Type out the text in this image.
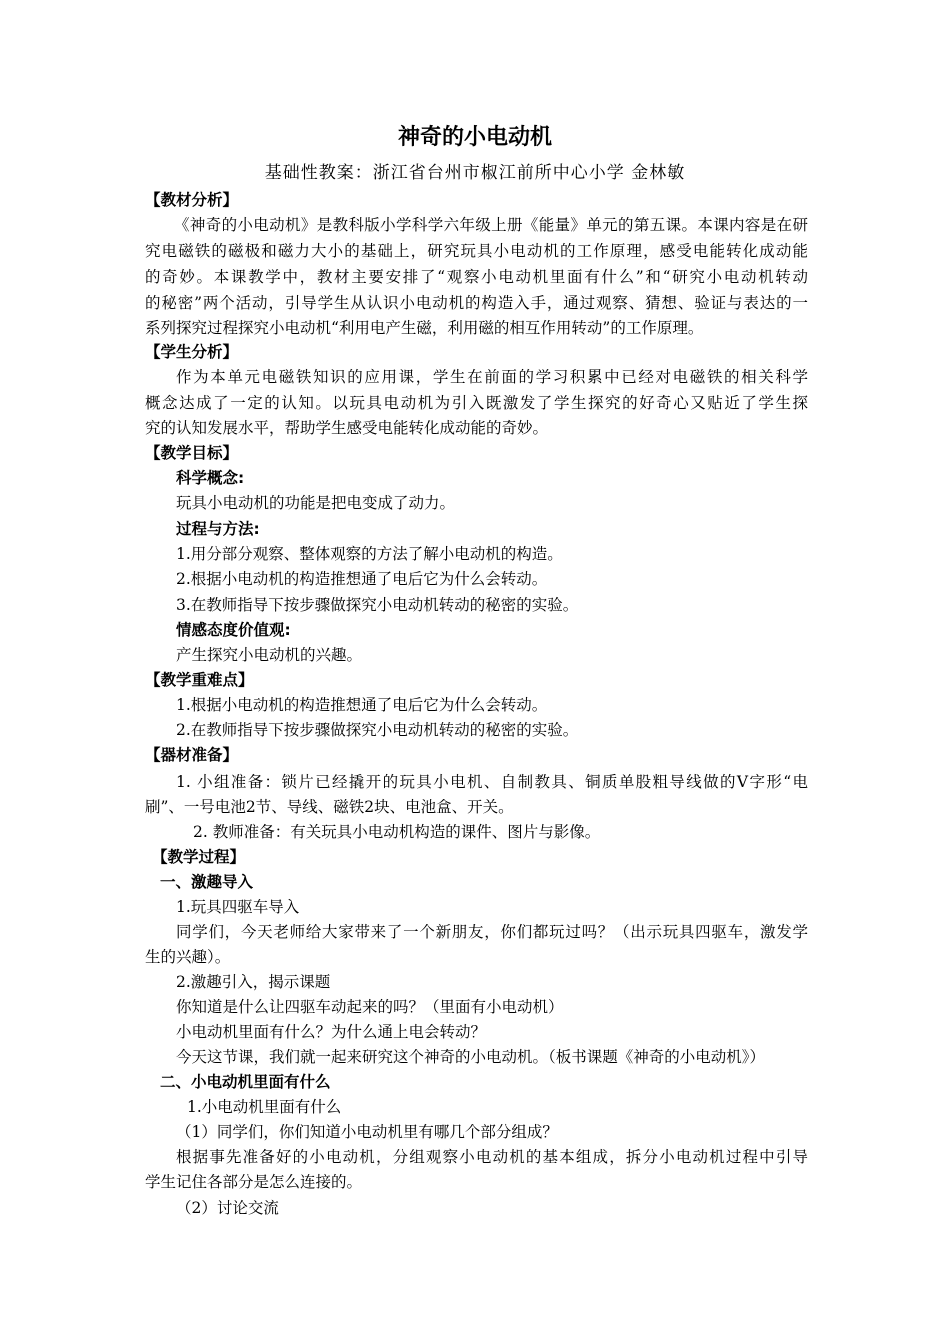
神奇的小电动机
基础性教案：浙江省台州市椒江前所中心小学 金林敏
【教材分析】
《神奇的小电动机》是教科版小学科学六年级上册《能量》单元的第五课。本课内容是在研
究电磁铁的磁极和磁力大小的基础上，研究玩具小电动机的工作原理，感受电能转化成动能
的奇妙。本课教学中，教材主要安排了“观察小电动机里面有什么”和“研究小电动机转动
的秘密”两个活动，引导学生从认识小电动机的构造入手，通过观察、猜想、验证与表达的一
系列探究过程探究小电动机“利用电产生磁，利用磁的相互作用转动”的工作原理。
【学生分析】
作为本单元电磁铁知识的应用课，学生在前面的学习积累中已经对电磁铁的相关科学
概念达成了一定的认知。以玩具电动机为引入既激发了学生探究的好奇心又贴近了学生探
究的认知发展水平，帮助学生感受电能转化成动能的奇妙。
【教学目标】
科学概念:
玩具小电动机的功能是把电变成了动力。
过程与方法:
1.用分部分观察、整体观察的方法了解小电动机的构造。
2.根据小电动机的构造推想通了电后它为什么会转动。
3.在教师指导下按步骤做探究小电动机转动的秘密的实验。
情感态度价值观:
产生探究小电动机的兴趣。
【教学重难点】
1.根据小电动机的构造推想通了电后它为什么会转动。
2.在教师指导下按步骤做探究小电动机转动的秘密的实验。
【器材准备】
1. 小组准备：锁片已经撬开的玩具小电机、自制教具、铜质单股粗导线做的V字形“电
刷”、一号电池2节、导线、磁铁2块、电池盒、开关。
2. 教师准备：有关玩具小电动机构造的课件、图片与影像。
【教学过程】
一、激趣导入
1.玩具四驱车导入
同学们，今天老师给大家带来了一个新朋友，你们都玩过吗？（出示玩具四驱车，激发学
生的兴趣）。
2.激趣引入，揭示课题
你知道是什么让四驱车动起来的吗？（里面有小电动机）
小电动机里面有什么？为什么通上电会转动？
今天这节课，我们就一起来研究这个神奇的小电动机。（板书课题《神奇的小电动机》）
二、小电动机里面有什么
1.小电动机里面有什么
（1）同学们，你们知道小电动机里有哪几个部分组成？
根据事先准备好的小电动机，分组观察小电动机的基本组成，拆分小电动机过程中引导
学生记住各部分是怎么连接的。
（2）讨论交流
